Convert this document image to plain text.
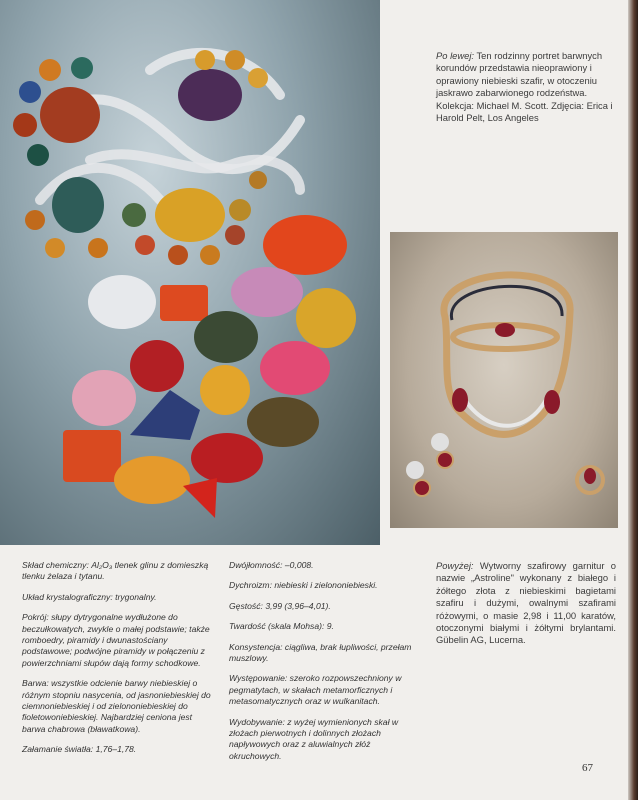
Po lewej: Ten rodzinny portret barwnych korundów przedstawia nieoprawiony i oprawiony niebieski szafir, w otoczeniu jaskrawo zabarwionego rodzeństwa. Kolekcja: Michael M. Scott. Zdjęcia: Erica i Harold Pelt, Los Angeles
Powyżej: Wytworny szafirowy garnitur o nazwie „Astroline" wykonany z białego i żółtego złota z niebieskimi bagietami szafiru i dużymi, owalnymi szafirami różowymi, o masie 2,98 i 11,00 karatów, otoczonymi białymi i żółtymi brylantami. Gübelin AG, Lucerna.

Skład chemiczny: Al₂O₃ tlenek glinu z domieszką tlenku żelaza i tytanu.

Układ krystalograficzny: trygonalny.

Pokrój: słupy dytrygonalne wydłużone do beczułkowatych, zwykle o małej podstawie; także romboedry, piramidy i dwunastościany podstawowe; podwójne piramidy w połączeniu z powierzchniami słupów dają formy schodkowe.

Barwa: wszystkie odcienie barwy niebieskiej o różnym stopniu nasycenia, od jasnoniebieskiej do ciemnoniebieskiej i od zielononiebieskiej do fioletowoniebieskiej. Najbardziej ceniona jest barwa chabrowa (bławatkowa).

Załamanie światła: 1,76–1,78.

Dwójłomność: –0,008.

Dychroizm: niebieski i zielononiebieski.

Gęstość: 3,99 (3,96–4,01).

Twardość (skala Mohsa): 9.

Konsystencja: ciągliwa, brak łupliwości, przełam muszlowy.

Występowanie: szeroko rozpowszechniony w pegmatytach, w skałach metamorficznych i metasomatycznych oraz w wulkanitach.

Wydobywanie: z wyżej wymienionych skał w złożach pierwotnych i dolinnych złożach napływowych oraz z aluwialnych złóż okruchowych.

67
